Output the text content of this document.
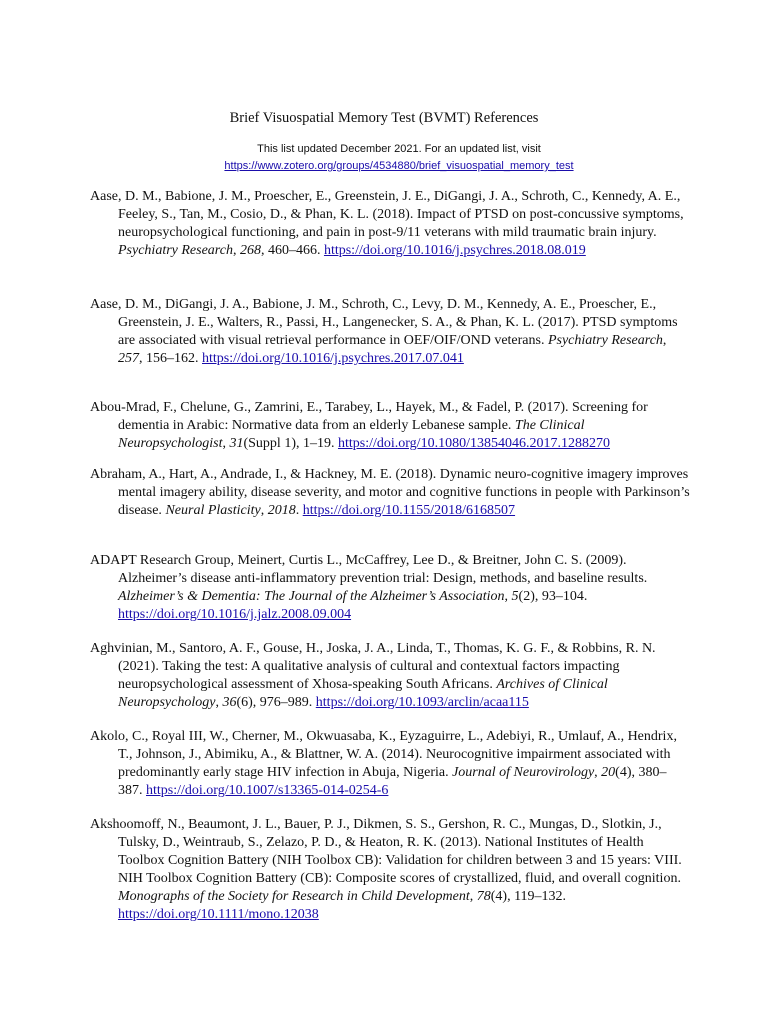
Brief Visuospatial Memory Test (BVMT) References
This list updated December 2021. For an updated list, visit
https://www.zotero.org/groups/4534880/brief_visuospatial_memory_test

Aase, D. M., Babione, J. M., Proescher, E., Greenstein, J. E., DiGangi, J. A., Schroth, C., Kennedy, A. E., Feeley, S., Tan, M., Cosio, D., & Phan, K. L. (2018). Impact of PTSD on post-concussive symptoms, neuropsychological functioning, and pain in post-9/11 veterans with mild traumatic brain injury. Psychiatry Research, 268, 460–466. https://doi.org/10.1016/j.psychres.2018.08.019

Aase, D. M., DiGangi, J. A., Babione, J. M., Schroth, C., Levy, D. M., Kennedy, A. E., Proescher, E., Greenstein, J. E., Walters, R., Passi, H., Langenecker, S. A., & Phan, K. L. (2017). PTSD symptoms are associated with visual retrieval performance in OEF/OIF/OND veterans. Psychiatry Research, 257, 156–162. https://doi.org/10.1016/j.psychres.2017.07.041

Abou-Mrad, F., Chelune, G., Zamrini, E., Tarabey, L., Hayek, M., & Fadel, P. (2017). Screening for dementia in Arabic: Normative data from an elderly Lebanese sample. The Clinical Neuropsychologist, 31(Suppl 1), 1–19. https://doi.org/10.1080/13854046.2017.1288270

Abraham, A., Hart, A., Andrade, I., & Hackney, M. E. (2018). Dynamic neuro-cognitive imagery improves mental imagery ability, disease severity, and motor and cognitive functions in people with Parkinson’s disease. Neural Plasticity, 2018. https://doi.org/10.1155/2018/6168507

ADAPT Research Group, Meinert, Curtis L., McCaffrey, Lee D., & Breitner, John C. S. (2009). Alzheimer’s disease anti-inflammatory prevention trial: Design, methods, and baseline results. Alzheimer’s & Dementia: The Journal of the Alzheimer’s Association, 5(2), 93–104. https://doi.org/10.1016/j.jalz.2008.09.004

Aghvinian, M., Santoro, A. F., Gouse, H., Joska, J. A., Linda, T., Thomas, K. G. F., & Robbins, R. N. (2021). Taking the test: A qualitative analysis of cultural and contextual factors impacting neuropsychological assessment of Xhosa-speaking South Africans. Archives of Clinical Neuropsychology, 36(6), 976–989. https://doi.org/10.1093/arclin/acaa115

Akolo, C., Royal III, W., Cherner, M., Okwuasaba, K., Eyzaguirre, L., Adebiyi, R., Umlauf, A., Hendrix, T., Johnson, J., Abimiku, A., & Blattner, W. A. (2014). Neurocognitive impairment associated with predominantly early stage HIV infection in Abuja, Nigeria. Journal of Neurovirology, 20(4), 380–387. https://doi.org/10.1007/s13365-014-0254-6

Akshoomoff, N., Beaumont, J. L., Bauer, P. J., Dikmen, S. S., Gershon, R. C., Mungas, D., Slotkin, J., Tulsky, D., Weintraub, S., Zelazo, P. D., & Heaton, R. K. (2013). National Institutes of Health Toolbox Cognition Battery (NIH Toolbox CB): Validation for children between 3 and 15 years: VIII. NIH Toolbox Cognition Battery (CB): Composite scores of crystallized, fluid, and overall cognition. Monographs of the Society for Research in Child Development, 78(4), 119–132. https://doi.org/10.1111/mono.12038
